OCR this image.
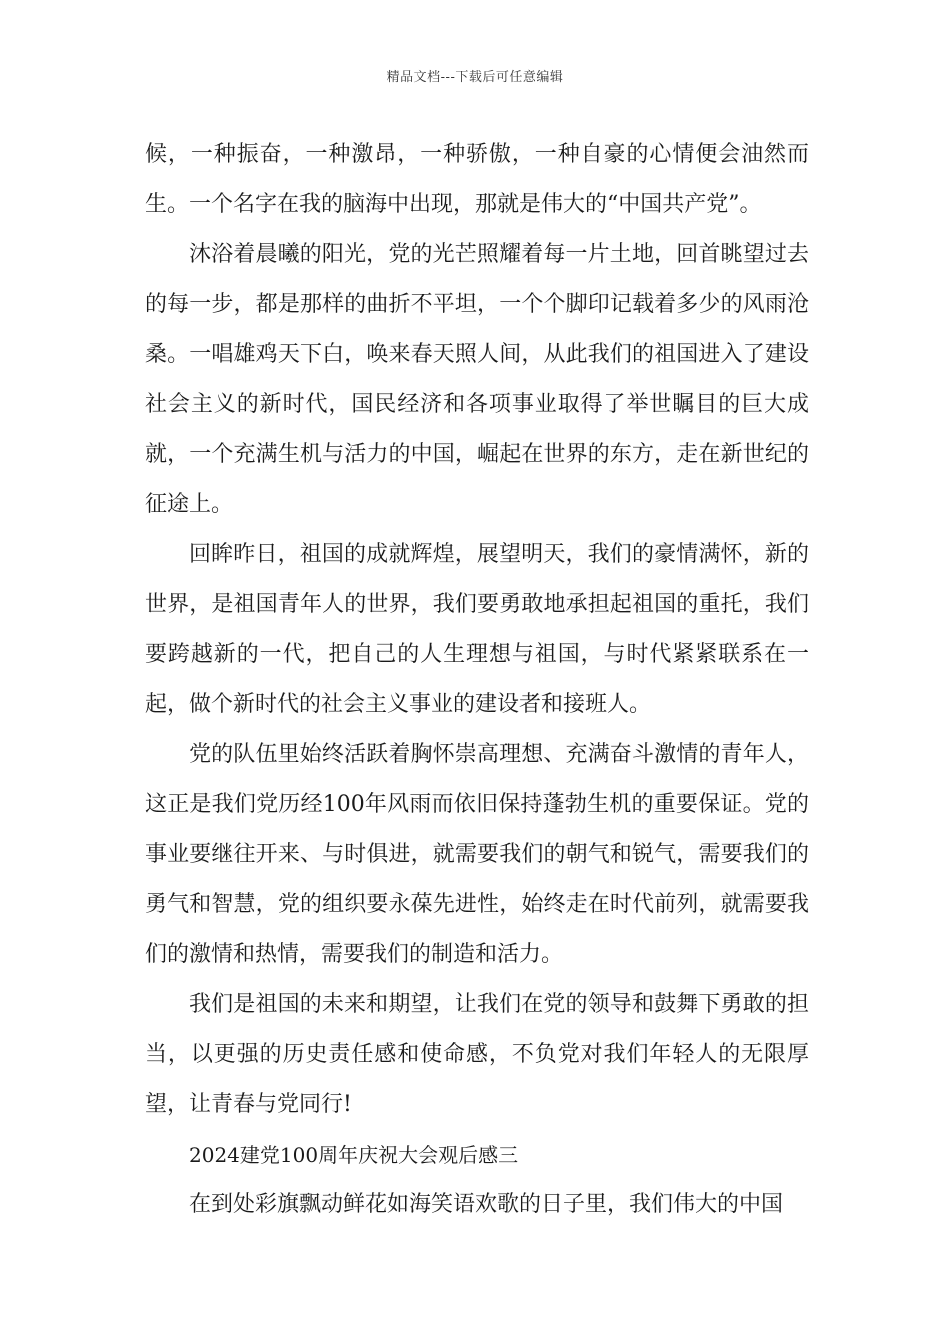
精品文档---下载后可任意编辑

候，一种振奋，一种激昂，一种骄傲，一种自豪的心情便会油然而生。一个名字在我的脑海中出现，那就是伟大的“中国共产党”。

沐浴着晨曦的阳光，党的光芒照耀着每一片土地，回首眺望过去的每一步，都是那样的曲折不平坦，一个个脚印记载着多少的风雨沧桑。一唱雄鸡天下白，唤来春天照人间，从此我们的祖国进入了建设社会主义的新时代，国民经济和各项事业取得了举世瞩目的巨大成就，一个充满生机与活力的中国，崛起在世界的东方，走在新世纪的征途上。

回眸昨日，祖国的成就辉煌，展望明天，我们的豪情满怀，新的世界，是祖国青年人的世界，我们要勇敢地承担起祖国的重托，我们要跨越新的一代，把自己的人生理想与祖国，与时代紧紧联系在一起，做个新时代的社会主义事业的建设者和接班人。

党的队伍里始终活跃着胸怀崇高理想、充满奋斗激情的青年人，这正是我们党历经100年风雨而依旧保持蓬勃生机的重要保证。党的事业要继往开来、与时俱进，就需要我们的朝气和锐气，需要我们的勇气和智慧，党的组织要永葆先进性，始终走在时代前列，就需要我们的激情和热情，需要我们的制造和活力。

我们是祖国的未来和期望，让我们在党的领导和鼓舞下勇敢的担当，以更强的历史责任感和使命感，不负党对我们年轻人的无限厚望，让青春与党同行!

2024建党100周年庆祝大会观后感三

在到处彩旗飘动鲜花如海笑语欢歌的日子里，我们伟大的中国
